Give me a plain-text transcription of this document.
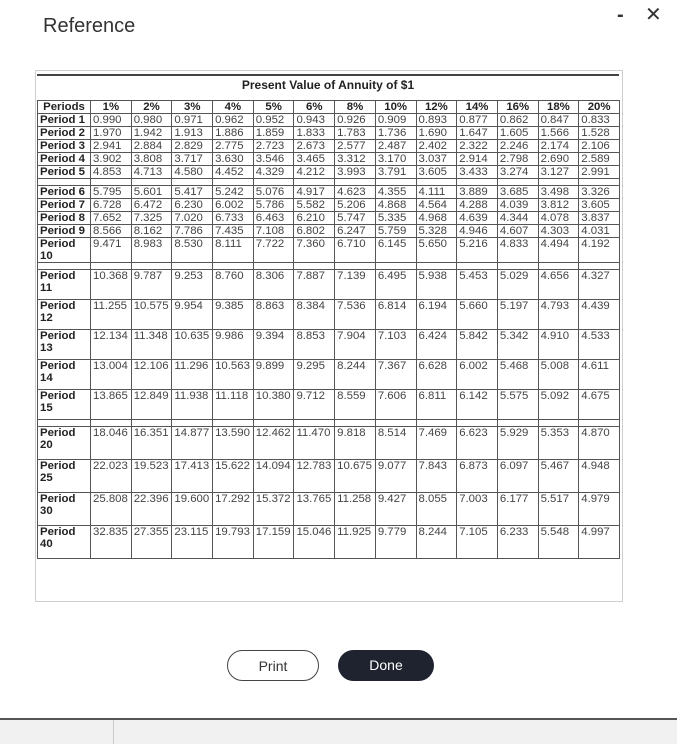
Reference	- ✕
Present Value of Annuity of $1
Periods	1%	2%	3%	4%	5%	6%	8%	10%	12%	14%	16%	18%	20%
Period 1	0.990	0.980	0.971	0.962	0.952	0.943	0.926	0.909	0.893	0.877	0.862	0.847	0.833
Period 2	1.970	1.942	1.913	1.886	1.859	1.833	1.783	1.736	1.690	1.647	1.605	1.566	1.528
Period 3	2.941	2.884	2.829	2.775	2.723	2.673	2.577	2.487	2.402	2.322	2.246	2.174	2.106
Period 4	3.902	3.808	3.717	3.630	3.546	3.465	3.312	3.170	3.037	2.914	2.798	2.690	2.589
Period 5	4.853	4.713	4.580	4.452	4.329	4.212	3.993	3.791	3.605	3.433	3.274	3.127	2.991

Period 6	5.795	5.601	5.417	5.242	5.076	4.917	4.623	4.355	4.111	3.889	3.685	3.498	3.326
Period 7	6.728	6.472	6.230	6.002	5.786	5.582	5.206	4.868	4.564	4.288	4.039	3.812	3.605
Period 8	7.652	7.325	7.020	6.733	6.463	6.210	5.747	5.335	4.968	4.639	4.344	4.078	3.837
Period 9	8.566	8.162	7.786	7.435	7.108	6.802	6.247	5.759	5.328	4.946	4.607	4.303	4.031
Period 10	9.471	8.983	8.530	8.111	7.722	7.360	6.710	6.145	5.650	5.216	4.833	4.494	4.192

Period 11	10.368	9.787	9.253	8.760	8.306	7.887	7.139	6.495	5.938	5.453	5.029	4.656	4.327
Period 12	11.255	10.575	9.954	9.385	8.863	8.384	7.536	6.814	6.194	5.660	5.197	4.793	4.439
Period 13	12.134	11.348	10.635	9.986	9.394	8.853	7.904	7.103	6.424	5.842	5.342	4.910	4.533
Period 14	13.004	12.106	11.296	10.563	9.899	9.295	8.244	7.367	6.628	6.002	5.468	5.008	4.611
Period 15	13.865	12.849	11.938	11.118	10.380	9.712	8.559	7.606	6.811	6.142	5.575	5.092	4.675

Period 20	18.046	16.351	14.877	13.590	12.462	11.470	9.818	8.514	7.469	6.623	5.929	5.353	4.870
Period 25	22.023	19.523	17.413	15.622	14.094	12.783	10.675	9.077	7.843	6.873	6.097	5.467	4.948
Period 30	25.808	22.396	19.600	17.292	15.372	13.765	11.258	9.427	8.055	7.003	6.177	5.517	4.979
Period 40	32.835	27.355	23.115	19.793	17.159	15.046	11.925	9.779	8.244	7.105	6.233	5.548	4.997
Print	Done
